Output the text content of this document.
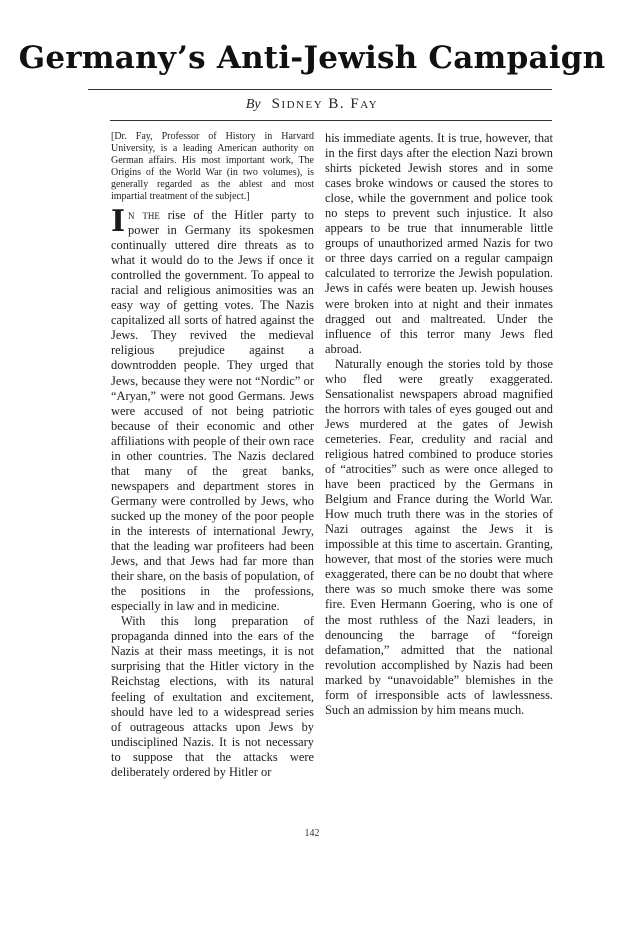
Germany’s Anti-Jewish Campaign
By Sidney B. Fay

[Dr. Fay, Professor of History in Harvard University, is a leading American authority on German affairs. His most important work, The Origins of the World War (in two volumes), is generally regarded as the ablest and most impartial treatment of the subject.]

In the rise of the Hitler party to power in Germany its spokesmen continually uttered dire threats as to what it would do to the Jews if once it controlled the government. To appeal to racial and religious animosities was an easy way of getting votes. The Nazis capitalized all sorts of hatred against the Jews. They revived the medieval religious prejudice against a downtrodden people. They urged that Jews, because they were not “Nordic” or “Aryan,” were not good Germans. Jews were accused of not being patriotic because of their economic and other affiliations with people of their own race in other countries. The Nazis declared that many of the great banks, newspapers and department stores in Germany were controlled by Jews, who sucked up the money of the poor people in the interests of international Jewry, that the leading war profiteers had been Jews, and that Jews had far more than their share, on the basis of population, of the positions in the professions, especially in law and in medicine.

With this long preparation of propaganda dinned into the ears of the Nazis at their mass meetings, it is not surprising that the Hitler victory in the Reichstag elections, with its natural feeling of exultation and excitement, should have led to a widespread series of outrageous attacks upon Jews by undisciplined Nazis. It is not necessary to suppose that the attacks were deliberately ordered by Hitler or

his immediate agents. It is true, however, that in the first days after the election Nazi brown shirts picketed Jewish stores and in some cases broke windows or caused the stores to close, while the government and police took no steps to prevent such injustice. It also appears to be true that innumerable little groups of unauthorized armed Nazis for two or three days carried on a regular campaign calculated to terrorize the Jewish population. Jews in cafés were beaten up. Jewish houses were broken into at night and their inmates dragged out and maltreated. Under the influence of this terror many Jews fled abroad.

Naturally enough the stories told by those who fled were greatly exaggerated. Sensationalist newspapers abroad magnified the horrors with tales of eyes gouged out and Jews murdered at the gates of Jewish cemeteries. Fear, credulity and racial and religious hatred combined to produce stories of “atrocities” such as were once alleged to have been practiced by the Germans in Belgium and France during the World War. How much truth there was in the stories of Nazi outrages against the Jews it is impossible at this time to ascertain. Granting, however, that most of the stories were much exaggerated, there can be no doubt that where there was so much smoke there was some fire. Even Hermann Goering, who is one of the most ruthless of the Nazi leaders, in denouncing the barrage of “foreign defamation,” admitted that the national revolution accomplished by Nazis had been marked by “unavoidable” blemishes in the form of irresponsible acts of lawlessness. Such an admission by him means much.

142
